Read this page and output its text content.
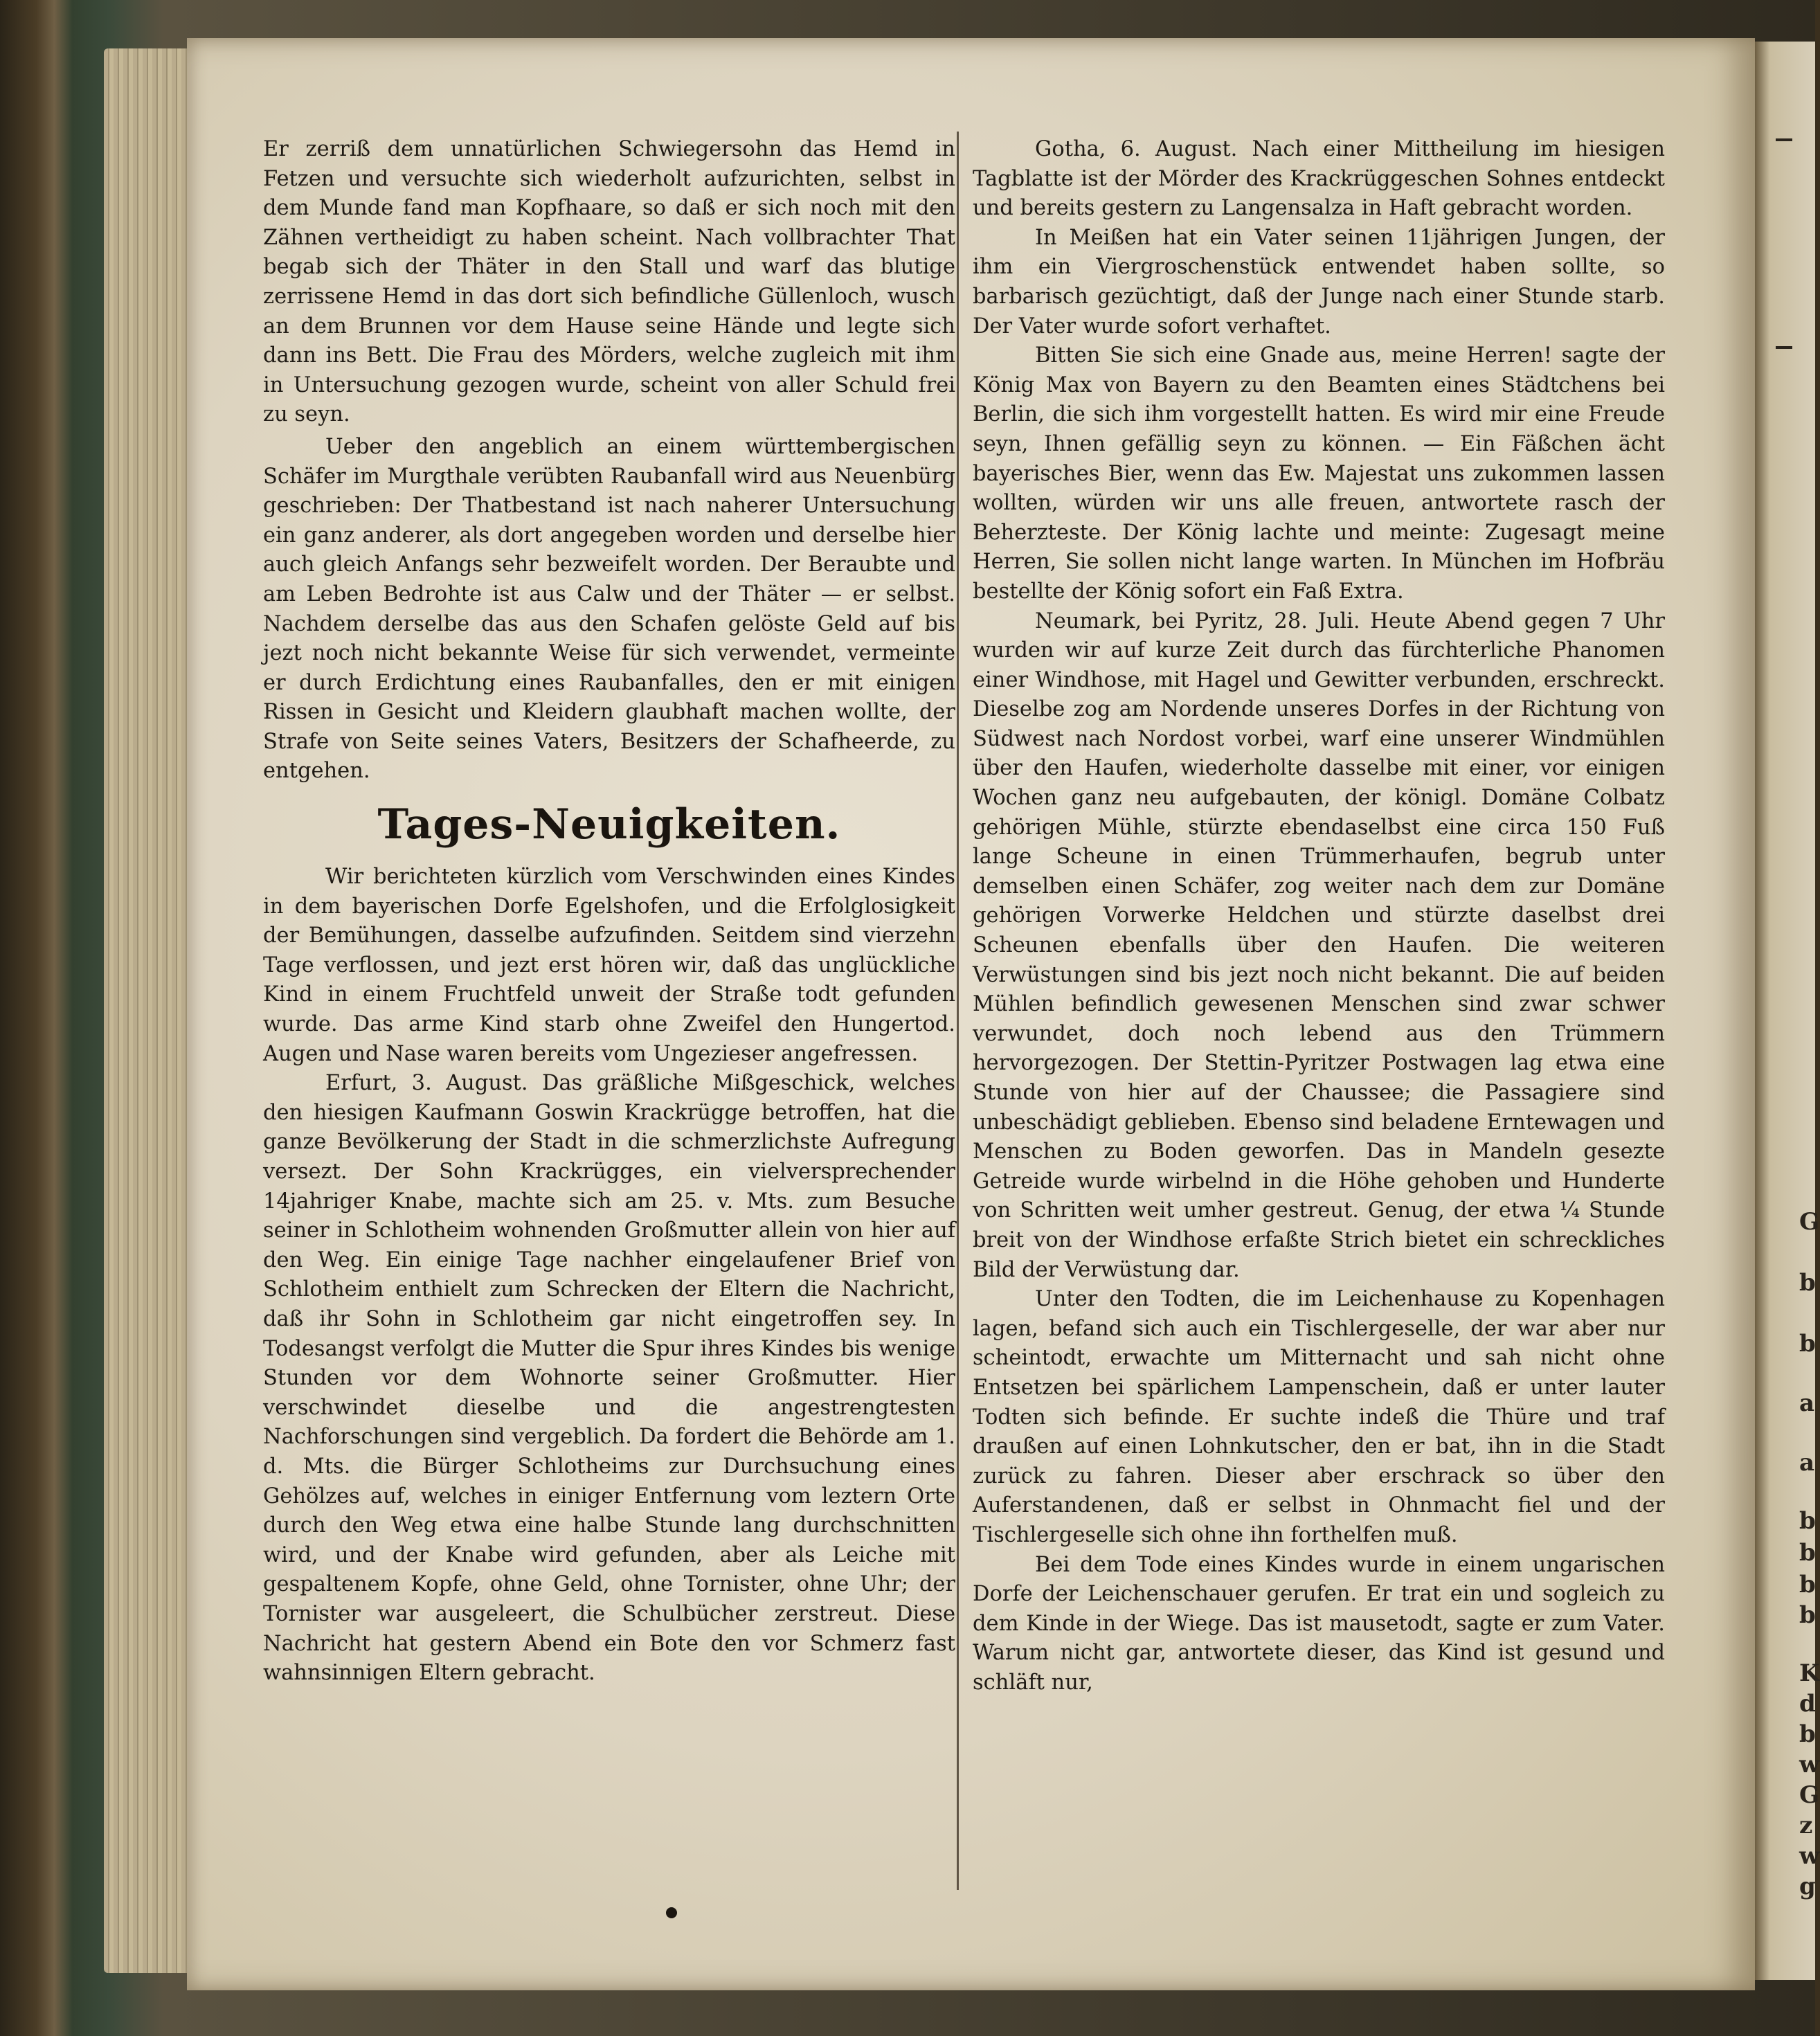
G
b
b
a
a
b
b
b
b
K
d
b
w
G
z
w
g

Er zerriß dem unnatürlichen Schwiegersohn das Hemd in Fetzen und versuchte sich wiederholt aufzurichten, selbst in dem Munde fand man Kopfhaare, so daß er sich noch mit den Zähnen vertheidigt zu haben scheint. Nach vollbrachter That begab sich der Thäter in den Stall und warf das blutige zerrissene Hemd in das dort sich befindliche Güllenloch, wusch an dem Brunnen vor dem Hause seine Hände und legte sich dann ins Bett. Die Frau des Mörders, welche zugleich mit ihm in Untersuchung gezogen wurde, scheint von aller Schuld frei zu seyn.

Ueber den angeblich an einem württembergischen Schäfer im Murgthale verübten Raubanfall wird aus Neuenbürg geschrieben: Der Thatbestand ist nach naherer Untersuchung ein ganz anderer, als dort angegeben worden und derselbe hier auch gleich Anfangs sehr bezweifelt worden. Der Beraubte und am Leben Bedrohte ist aus Calw und der Thäter — er selbst. Nachdem derselbe das aus den Schafen gelöste Geld auf bis jezt noch nicht bekannte Weise für sich verwendet, vermeinte er durch Erdichtung eines Raubanfalles, den er mit einigen Rissen in Gesicht und Kleidern glaubhaft machen wollte, der Strafe von Seite seines Vaters, Besitzers der Schafheerde, zu entgehen.

Tages-Neuigkeiten.

Wir berichteten kürzlich vom Verschwinden eines Kindes in dem bayerischen Dorfe Egelshofen, und die Erfolglosigkeit der Bemühungen, dasselbe aufzufinden. Seitdem sind vierzehn Tage verflossen, und jezt erst hören wir, daß das unglückliche Kind in einem Fruchtfeld unweit der Straße todt gefunden wurde. Das arme Kind starb ohne Zweifel den Hungertod. Augen und Nase waren bereits vom Ungezieser angefressen.

Erfurt, 3. August. Das gräßliche Mißgeschick, welches den hiesigen Kaufmann Goswin Krackrügge betroffen, hat die ganze Bevölkerung der Stadt in die schmerzlichste Aufregung versezt. Der Sohn Krackrügges, ein vielversprechender 14jahriger Knabe, machte sich am 25. v. Mts. zum Besuche seiner in Schlotheim wohnenden Großmutter allein von hier auf den Weg. Ein einige Tage nachher eingelaufener Brief von Schlotheim enthielt zum Schrecken der Eltern die Nachricht, daß ihr Sohn in Schlotheim gar nicht eingetroffen sey. In Todesangst verfolgt die Mutter die Spur ihres Kindes bis wenige Stunden vor dem Wohnorte seiner Großmutter. Hier verschwindet dieselbe und die angestrengtesten Nachforschungen sind vergeblich. Da fordert die Behörde am 1. d. Mts. die Bürger Schlotheims zur Durchsuchung eines Gehölzes auf, welches in einiger Entfernung vom leztern Orte durch den Weg etwa eine halbe Stunde lang durchschnitten wird, und der Knabe wird gefunden, aber als Leiche mit gespaltenem Kopfe, ohne Geld, ohne Tornister, ohne Uhr; der Tornister war ausgeleert, die Schulbücher zerstreut. Diese Nachricht hat gestern Abend ein Bote den vor Schmerz fast wahnsinnigen Eltern gebracht.

Gotha, 6. August. Nach einer Mittheilung im hiesigen Tagblatte ist der Mörder des Krackrüggeschen Sohnes entdeckt und bereits gestern zu Langensalza in Haft gebracht worden.

In Meißen hat ein Vater seinen 11jährigen Jungen, der ihm ein Viergroschenstück entwendet haben sollte, so barbarisch gezüchtigt, daß der Junge nach einer Stunde starb. Der Vater wurde sofort verhaftet.

Bitten Sie sich eine Gnade aus, meine Herren! sagte der König Max von Bayern zu den Beamten eines Städtchens bei Berlin, die sich ihm vorgestellt hatten. Es wird mir eine Freude seyn, Ihnen gefällig seyn zu können. — Ein Fäßchen ächt bayerisches Bier, wenn das Ew. Majestat uns zukommen lassen wollten, würden wir uns alle freuen, antwortete rasch der Beherzteste. Der König lachte und meinte: Zugesagt meine Herren, Sie sollen nicht lange warten. In München im Hofbräu bestellte der König sofort ein Faß Extra.

Neumark, bei Pyritz, 28. Juli. Heute Abend gegen 7 Uhr wurden wir auf kurze Zeit durch das fürchterliche Phanomen einer Windhose, mit Hagel und Gewitter verbunden, erschreckt. Dieselbe zog am Nordende unseres Dorfes in der Richtung von Südwest nach Nordost vorbei, warf eine unserer Windmühlen über den Haufen, wiederholte dasselbe mit einer, vor einigen Wochen ganz neu aufgebauten, der königl. Domäne Colbatz gehörigen Mühle, stürzte ebendaselbst eine circa 150 Fuß lange Scheune in einen Trümmerhaufen, begrub unter demselben einen Schäfer, zog weiter nach dem zur Domäne gehörigen Vorwerke Heldchen und stürzte daselbst drei Scheunen ebenfalls über den Haufen. Die weiteren Verwüstungen sind bis jezt noch nicht bekannt. Die auf beiden Mühlen befindlich gewesenen Menschen sind zwar schwer verwundet, doch noch lebend aus den Trümmern hervorgezogen. Der Stettin-Pyritzer Postwagen lag etwa eine Stunde von hier auf der Chaussee; die Passagiere sind unbeschädigt geblieben. Ebenso sind beladene Erntewagen und Menschen zu Boden geworfen. Das in Mandeln gesezte Getreide wurde wirbelnd in die Höhe gehoben und Hunderte von Schritten weit umher gestreut. Genug, der etwa ¼ Stunde breit von der Windhose erfaßte Strich bietet ein schreckliches Bild der Verwüstung dar.

Unter den Todten, die im Leichenhause zu Kopenhagen lagen, befand sich auch ein Tischlergeselle, der war aber nur scheintodt, erwachte um Mitternacht und sah nicht ohne Entsetzen bei spärlichem Lampenschein, daß er unter lauter Todten sich befinde. Er suchte indeß die Thüre und traf draußen auf einen Lohnkutscher, den er bat, ihn in die Stadt zurück zu fahren. Dieser aber erschrack so über den Auferstandenen, daß er selbst in Ohnmacht fiel und der Tischlergeselle sich ohne ihn forthelfen muß.

Bei dem Tode eines Kindes wurde in einem ungarischen Dorfe der Leichenschauer gerufen. Er trat ein und sogleich zu dem Kinde in der Wiege. Das ist mausetodt, sagte er zum Vater. Warum nicht gar, antwortete dieser, das Kind ist gesund und schläft nur,
